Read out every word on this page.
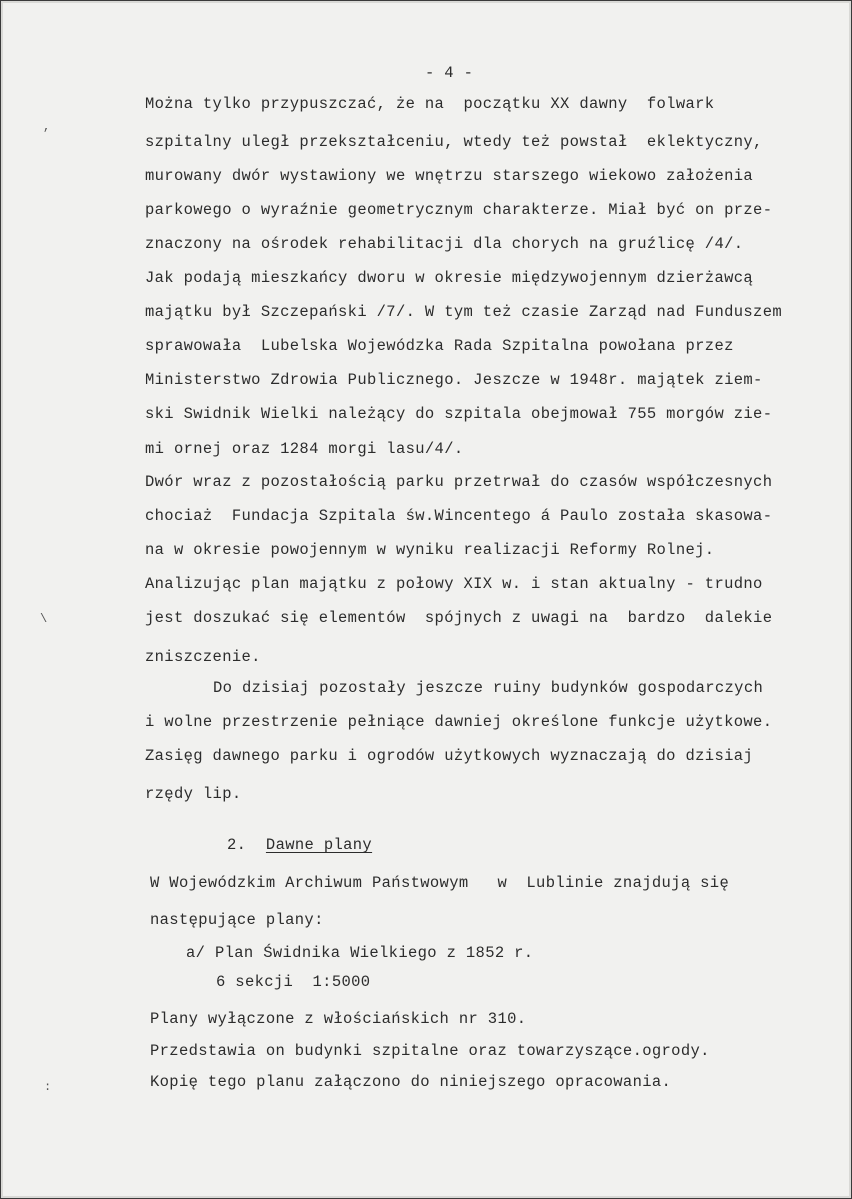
- 4 -
Można tylko przypuszczać, że na  początku XX dawny  folwark
szpitalny uległ przekształceniu, wtedy też powstał  eklektyczny,
murowany dwór wystawiony we wnętrzu starszego wiekowo założenia
parkowego o wyraźnie geometrycznym charakterze. Miał być on prze-
znaczony na ośrodek rehabilitacji dla chorych na gruźlicę /4/.
Jak podają mieszkańcy dworu w okresie międzywojennym dzierżawcą
majątku był Szczepański /7/. W tym też czasie Zarząd nad Funduszem
sprawowała  Lubelska Wojewódzka Rada Szpitalna powołana przez
Ministerstwo Zdrowia Publicznego. Jeszcze w 1948r. majątek ziem-
ski Swidnik Wielki należący do szpitala obejmował 755 morgów zie-
mi ornej oraz 1284 morgi lasu/4/.
Dwór wraz z pozostałością parku przetrwał do czasów współczesnych
chociaż  Fundacja Szpitala św.Wincentego á Paulo została skasowa-
na w okresie powojennym w wyniku realizacji Reformy Rolnej.
Analizując plan majątku z połowy XIX w. i stan aktualny - trudno
jest doszukać się elementów  spójnych z uwagi na  bardzo  dalekie
zniszczenie.
Do dzisiaj pozostały jeszcze ruiny budynków gospodarczych
i wolne przestrzenie pełniące dawniej określone funkcje użytkowe.
Zasięg dawnego parku i ogrodów użytkowych wyznaczają do dzisiaj
rzędy lip.
2. Dawne plany
W Wojewódzkim Archiwum Państwowym   w  Lublinie znajdują się
następujące plany:
a/ Plan Świdnika Wielkiego z 1852 r.
6 sekcji  1:5000
Plany wyłączone z włościańskich nr 310.
Przedstawia on budynki szpitalne oraz towarzyszące.ogrody.
Kopię tego planu załączono do niniejszego opracowania.
,
\
:
